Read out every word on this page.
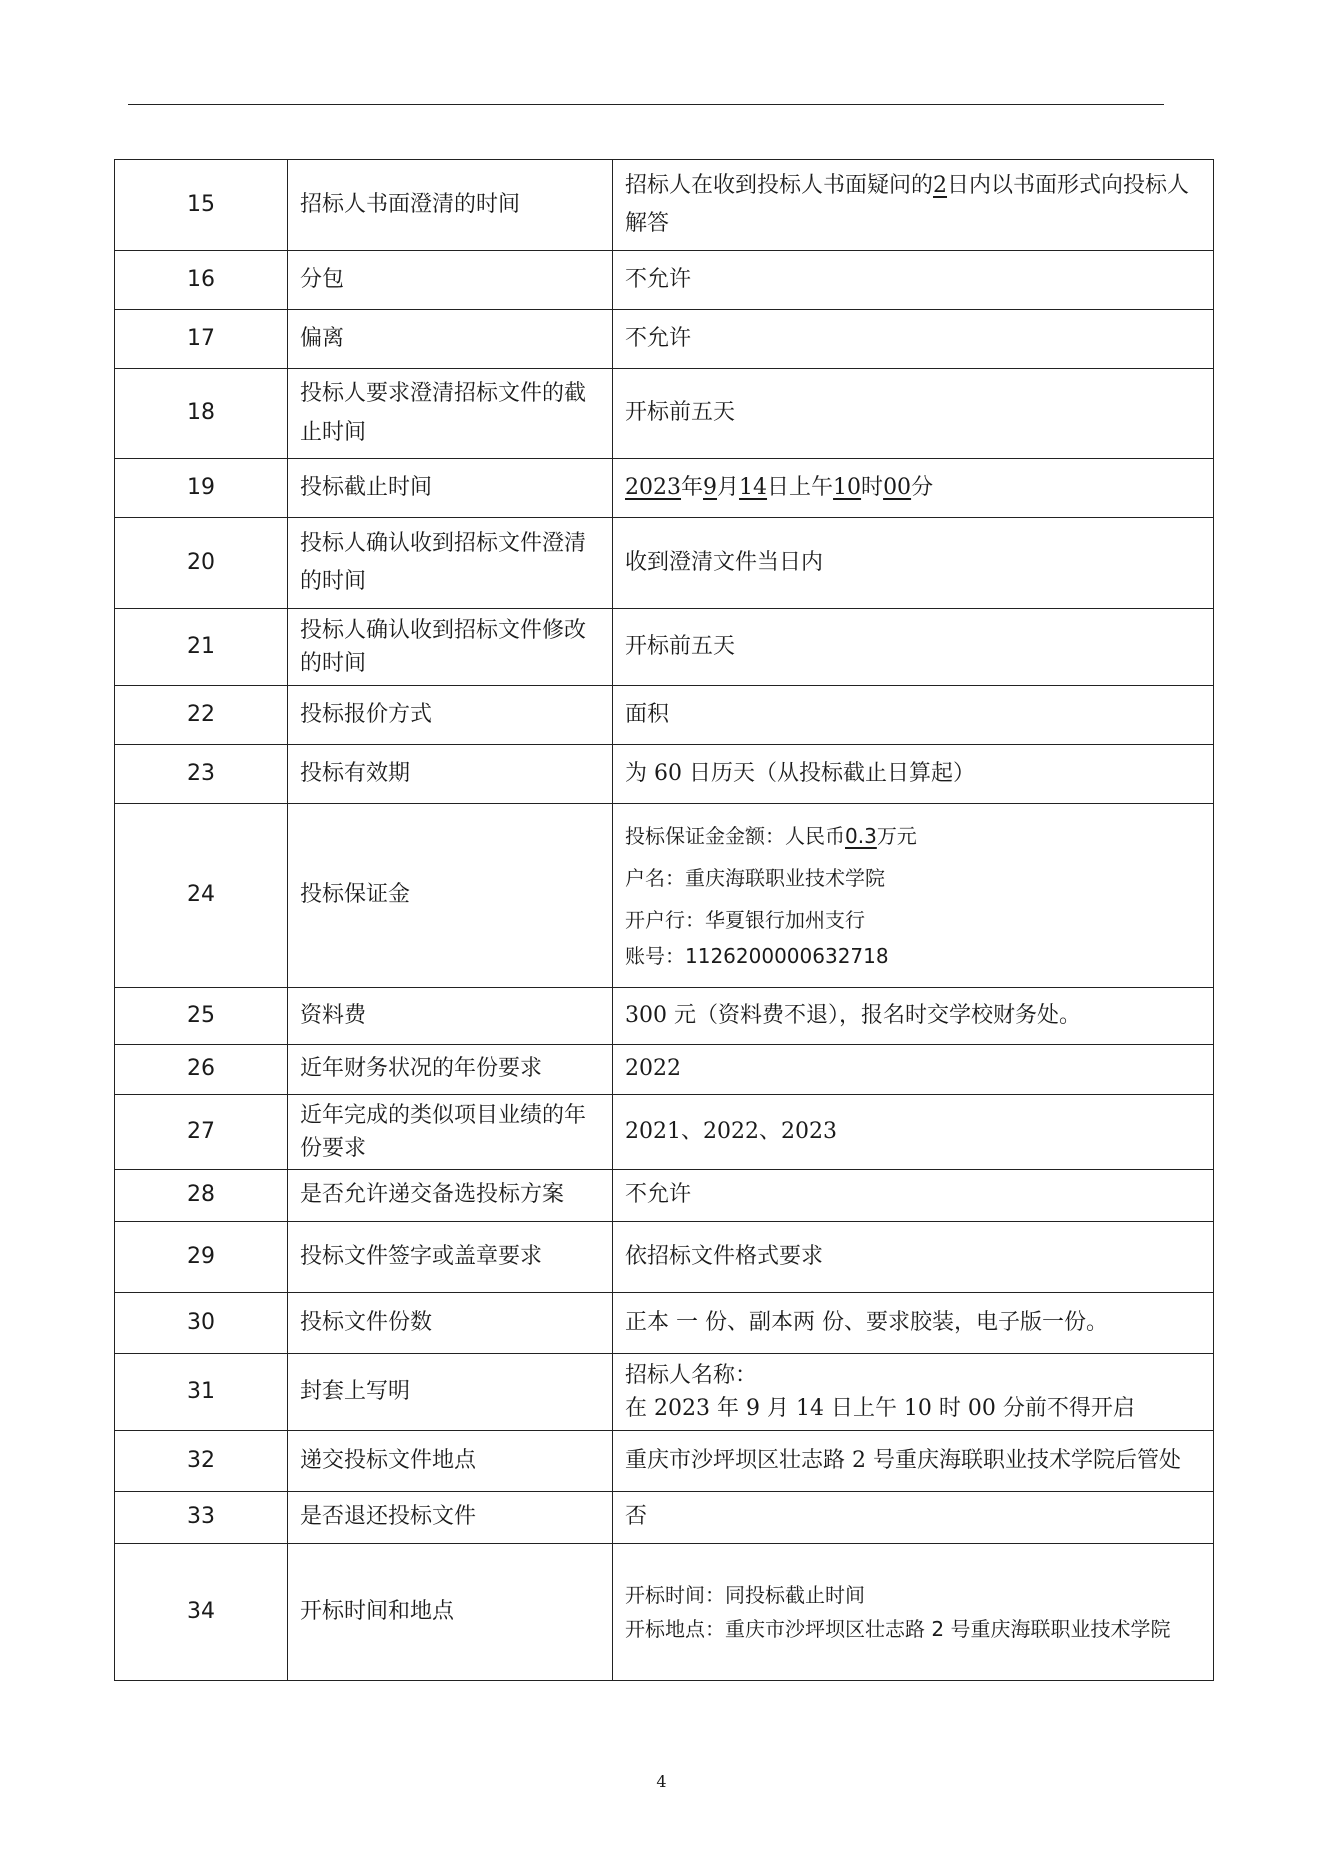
15	招标人书面澄清的时间	招标人在收到投标人书面疑问的2日内以书面形式向投标人解答
16	分包	不允许
17	偏离	不允许
18	投标人要求澄清招标文件的截止时间	开标前五天
19	投标截止时间	2023年9月14日上午10时00分
20	投标人确认收到招标文件澄清的时间	收到澄清文件当日内
21	投标人确认收到招标文件修改的时间	开标前五天
22	投标报价方式	面积
23	投标有效期	为 60 日历天（从投标截止日算起）
24	投标保证金	投标保证金金额：人民币0.3万元
户名：重庆海联职业技术学院
开户行：华夏银行加州支行
账号：1126200000632718

25	资料费	300 元（资料费不退），报名时交学校财务处。
26	近年财务状况的年份要求	2022
27	近年完成的类似项目业绩的年份要求	2021、2022、2023
28	是否允许递交备选投标方案	不允许
29	投标文件签字或盖章要求	依招标文件格式要求
30	投标文件份数	正本 一 份、副本两 份、要求胶装，电子版一份。
31	封套上写明	招标人名称：
在 2023 年 9 月 14 日上午 10 时 00 分前不得开启

32	递交投标文件地点	重庆市沙坪坝区壮志路 2 号重庆海联职业技术学院后管处
33	是否退还投标文件	否
34	开标时间和地点	开标时间：同投标截止时间
开标地点：重庆市沙坪坝区壮志路 2 号重庆海联职业技术学院
4
